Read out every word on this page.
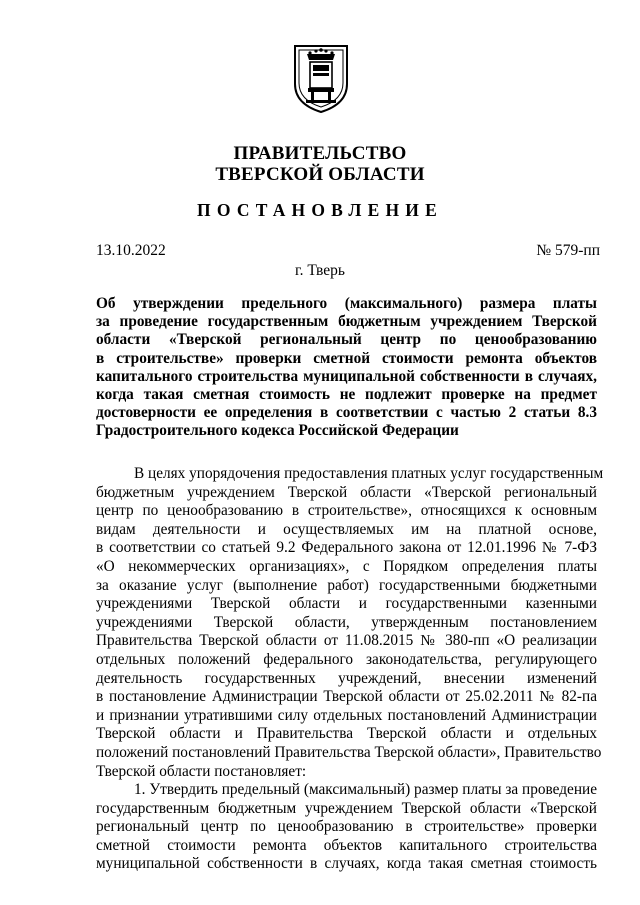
ПРАВИТЕЛЬСТВО
ТВЕРСКОЙ ОБЛАСТИ
ПОСТАНОВЛЕНИЕ
13.10.2022	№ 579-пп
г. Тверь
Об утверждении предельного (максимального) размера платы
за проведение государственным бюджетным учреждением Тверской
области «Тверской региональный центр по ценообразованию
в строительстве» проверки сметной стоимости ремонта объектов
капитального строительства муниципальной собственности в случаях,
когда такая сметная стоимость не подлежит проверке на предмет
достоверности ее определения в соответствии с частью 2 статьи 8.3
Градостроительного кодекса Российской Федерации
В целях упорядочения предоставления платных услуг государственным
бюджетным учреждением Тверской области «Тверской региональный
центр по ценообразованию в строительстве», относящихся к основным
видам деятельности и осуществляемых им на платной основе,
в соответствии со статьей 9.2 Федерального закона от 12.01.1996 № 7-ФЗ
«О некоммерческих организациях», с Порядком определения платы
за оказание услуг (выполнение работ) государственными бюджетными
учреждениями Тверской области и государственными казенными
учреждениями Тверской области, утвержденным постановлением
Правительства Тверской области от 11.08.2015 № 380-пп «О реализации
отдельных положений федерального законодательства, регулирующего
деятельность государственных учреждений, внесении изменений
в постановление Администрации Тверской области от 25.02.2011 № 82-па
и признании утратившими силу отдельных постановлений Администрации
Тверской области и Правительства Тверской области и отдельных
положений постановлений Правительства Тверской области», Правительство
Тверской области постановляет:
1. Утвердить предельный (максимальный) размер платы за проведение
государственным бюджетным учреждением Тверской области «Тверской
региональный центр по ценообразованию в строительстве» проверки
сметной стоимости ремонта объектов капитального строительства
муниципальной собственности в случаях, когда такая сметная стоимость
